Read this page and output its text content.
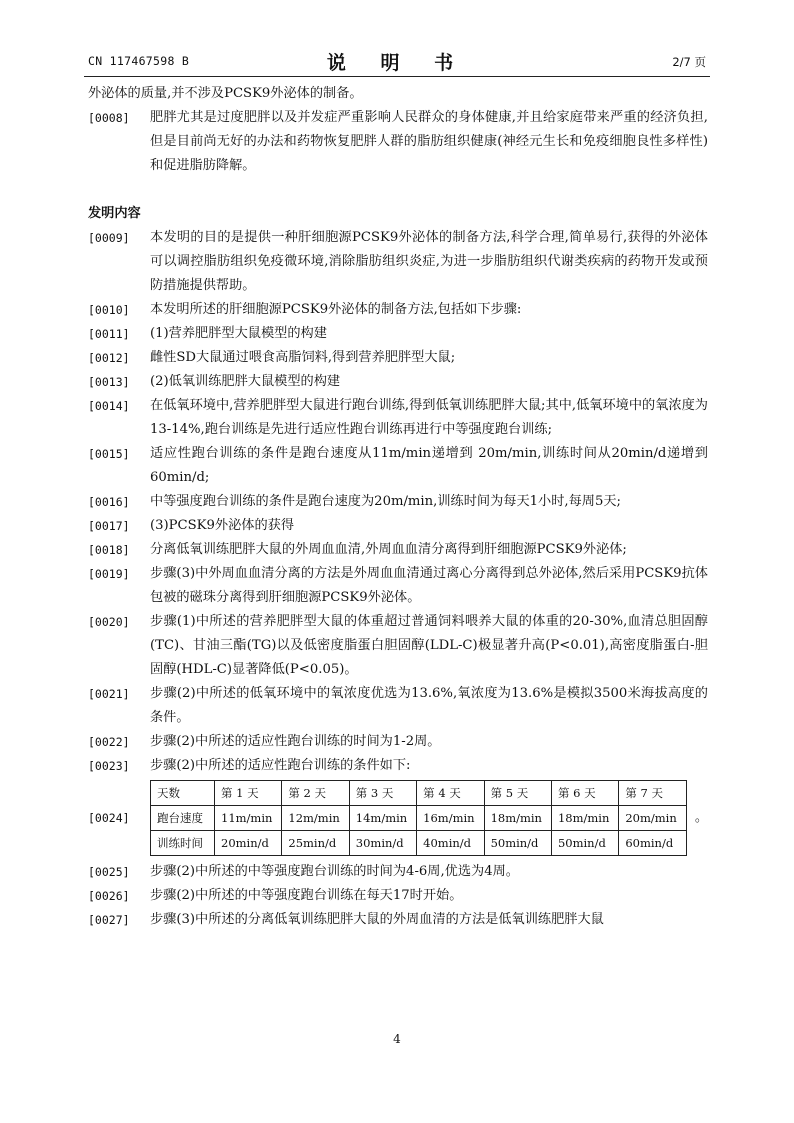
CN 117467598 B	说 明 书	2/7 页
外泌体的质量,并不涉及PCSK9外泌体的制备。
[0008]	肥胖尤其是过度肥胖以及并发症严重影响人民群众的身体健康,并且给家庭带来严重的经济负担,但是目前尚无好的办法和药物恢复肥胖人群的脂肪组织健康(神经元生长和免疫细胞良性多样性)和促进脂肪降解。
发明内容
[0009]	本发明的目的是提供一种肝细胞源PCSK9外泌体的制备方法,科学合理,简单易行,获得的外泌体可以调控脂肪组织免疫微环境,消除脂肪组织炎症,为进一步脂肪组织代谢类疾病的药物开发或预防措施提供帮助。
[0010]	本发明所述的肝细胞源PCSK9外泌体的制备方法,包括如下步骤:
[0011]	(1)营养肥胖型大鼠模型的构建
[0012]	雌性SD大鼠通过喂食高脂饲料,得到营养肥胖型大鼠;
[0013]	(2)低氧训练肥胖大鼠模型的构建
[0014]	在低氧环境中,营养肥胖型大鼠进行跑台训练,得到低氧训练肥胖大鼠;其中,低氧环境中的氧浓度为13-14%,跑台训练是先进行适应性跑台训练再进行中等强度跑台训练;
[0015]	适应性跑台训练的条件是跑台速度从11m/min递增到 20m/min,训练时间从20min/d递增到60min/d;
[0016]	中等强度跑台训练的条件是跑台速度为20m/min,训练时间为每天1小时,每周5天;
[0017]	(3)PCSK9外泌体的获得
[0018]	分离低氧训练肥胖大鼠的外周血血清,外周血血清分离得到肝细胞源PCSK9外泌体;
[0019]	步骤(3)中外周血血清分离的方法是外周血血清通过离心分离得到总外泌体,然后采用PCSK9抗体包被的磁珠分离得到肝细胞源PCSK9外泌体。
[0020]	步骤(1)中所述的营养肥胖型大鼠的体重超过普通饲料喂养大鼠的体重的20-30%,血清总胆固醇(TC)、甘油三酯(TG)以及低密度脂蛋白胆固醇(LDL-C)极显著升高(P<0.01),高密度脂蛋白-胆固醇(HDL-C)显著降低(P<0.05)。
[0021]	步骤(2)中所述的低氧环境中的氧浓度优选为13.6%,氧浓度为13.6%是模拟3500米海拔高度的条件。
[0022]	步骤(2)中所述的适应性跑台训练的时间为1-2周。
[0023]	步骤(2)中所述的适应性跑台训练的条件如下:
[0024]
天数	第 1 天	第 2 天	第 3 天	第 4 天	第 5 天	第 6 天	第 7 天
跑台速度	11m/min	12m/min	14m/min	16m/min	18m/min	18m/min	20m/min
训练时间	20min/d	25min/d	30min/d	40min/d	50min/d	50min/d	60min/d
。
[0025]	步骤(2)中所述的中等强度跑台训练的时间为4-6周,优选为4周。
[0026]	步骤(2)中所述的中等强度跑台训练在每天17时开始。
[0027]	步骤(3)中所述的分离低氧训练肥胖大鼠的外周血清的方法是低氧训练肥胖大鼠
4
